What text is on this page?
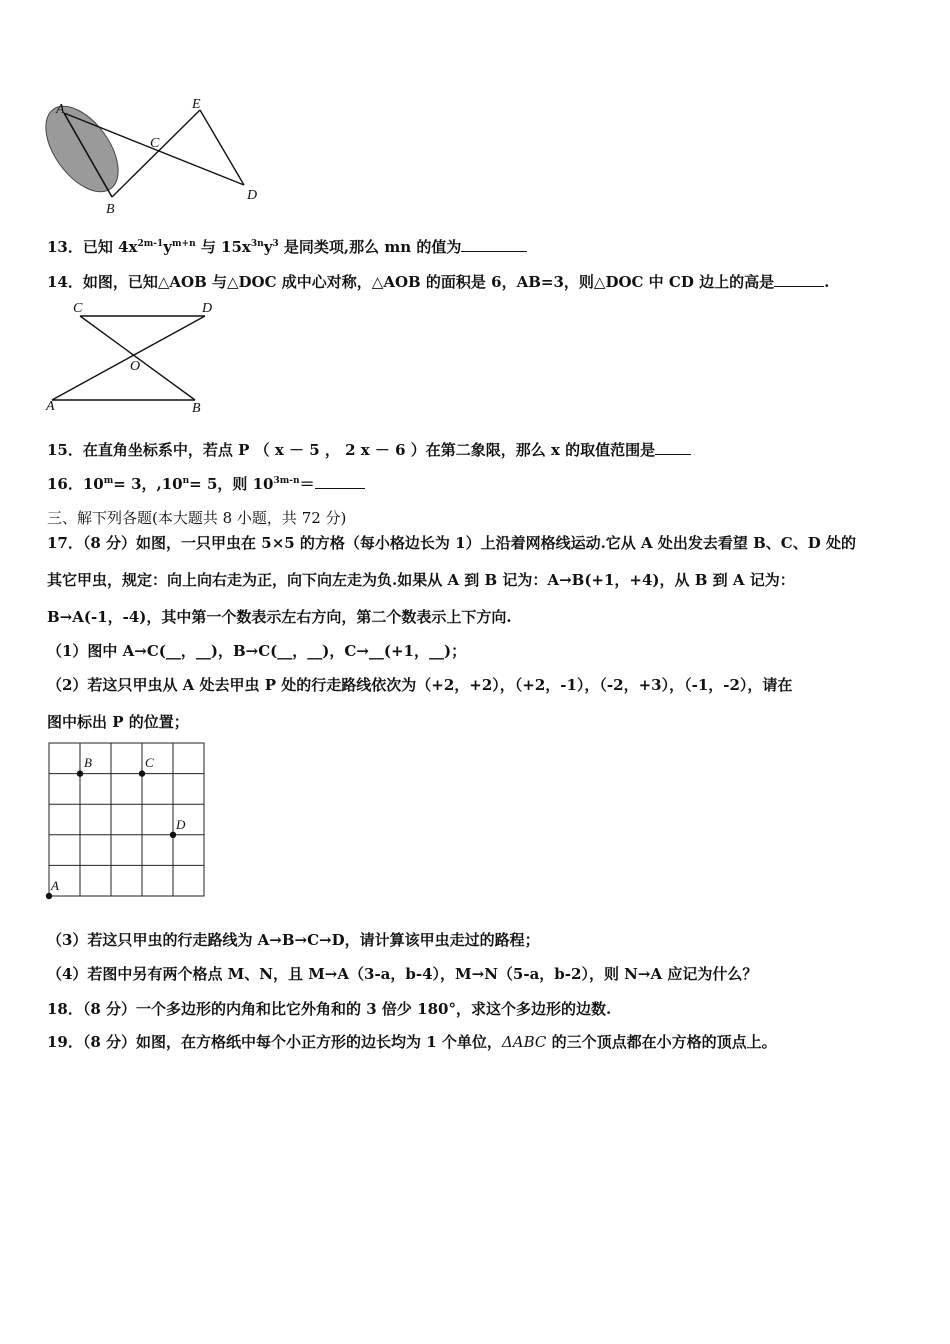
A
B
C
D
E
13．已知 $4x^{2m-1}y^{m+n}$ 与 $15x^{3n}y^3$ 是同类项,那么 mn 的值为
14．如图，已知△AOB 与△DOC 成中心对称，△AOB 的面积是 6，AB=3，则△DOC 中 CD 边上的高是	.
C	D
O
A	B
15．在直角坐标系中，若点 P （ x － 5 ， 2 x － 6 ）在第二象限，那么 x 的取值范围是
16．$10^m= 3$，$,10^n= 5$，则 $10^{3m-n}=$
三、解下列各题(本大题共 8 小题，共 72 分)
17．（8 分）如图，一只甲虫在 5×5 的方格（每小格边长为 1）上沿着网格线运动.它从 A 处出发去看望 B、C、D 处的
其它甲虫，规定：向上向右走为正，向下向左走为负.如果从 A 到 B 记为：A→B(+1，+4)，从 B 到 A 记为：
B→A(-1，-4)，其中第一个数表示左右方向，第二个数表示上下方向.
（1）图中 A→C(__，__)，B→C(__，__)，C→__(+1，__)；
（2）若这只甲虫从 A 处去甲虫 P 处的行走路线依次为（+2，+2），（+2，-1），（-2，+3），（-1，-2），请在
图中标出 P 的位置；
A
B	C
D
（3）若这只甲虫的行走路线为 A→B→C→D，请计算该甲虫走过的路程；
（4）若图中另有两个格点 M、N，且 M→A（3-a，b-4），M→N（5-a，b-2），则 N→A 应记为什么？
18．（8 分）一个多边形的内角和比它外角和的 3 倍少 180°，求这个多边形的边数.
19．（8 分）如图，在方格纸中每个小正方形的边长均为 1 个单位，ΔABC 的三个顶点都在小方格的顶点上。
